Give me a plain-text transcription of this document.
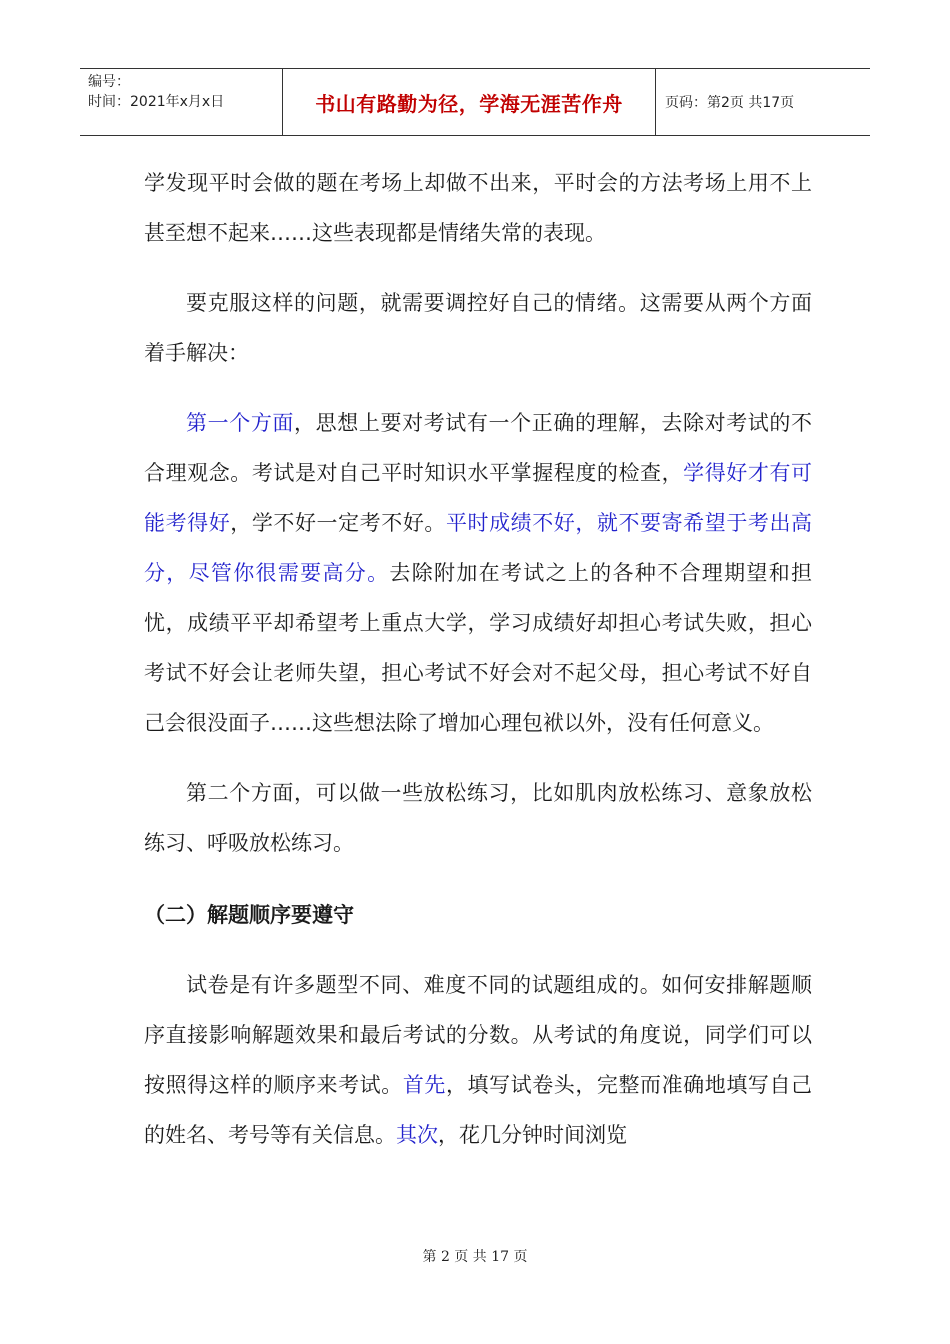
编号：
时间：2021年x月x日	书山有路勤为径，学海无涯苦作舟	页码：第2页 共17页

学发现平时会做的题在考场上却做不出来，平时会的方法考场上用不上甚至想不起来……这些表现都是情绪失常的表现。

要克服这样的问题，就需要调控好自己的情绪。这需要从两个方面着手解决：

第一个方面，思想上要对考试有一个正确的理解，去除对考试的不合理观念。考试是对自己平时知识水平掌握程度的检查，学得好才有可能考得好，学不好一定考不好。平时成绩不好，就不要寄希望于考出高分，尽管你很需要高分。去除附加在考试之上的各种不合理期望和担忧，成绩平平却希望考上重点大学，学习成绩好却担心考试失败，担心考试不好会让老师失望，担心考试不好会对不起父母，担心考试不好自己会很没面子……这些想法除了增加心理包袱以外，没有任何意义。

第二个方面，可以做一些放松练习，比如肌肉放松练习、意象放松练习、呼吸放松练习。

（二）解题顺序要遵守

试卷是有许多题型不同、难度不同的试题组成的。如何安排解题顺序直接影响解题效果和最后考试的分数。从考试的角度说，同学们可以按照得这样的顺序来考试。首先，填写试卷头，完整而准确地填写自己的姓名、考号等有关信息。其次，花几分钟时间浏览

第 2 页 共 17 页
